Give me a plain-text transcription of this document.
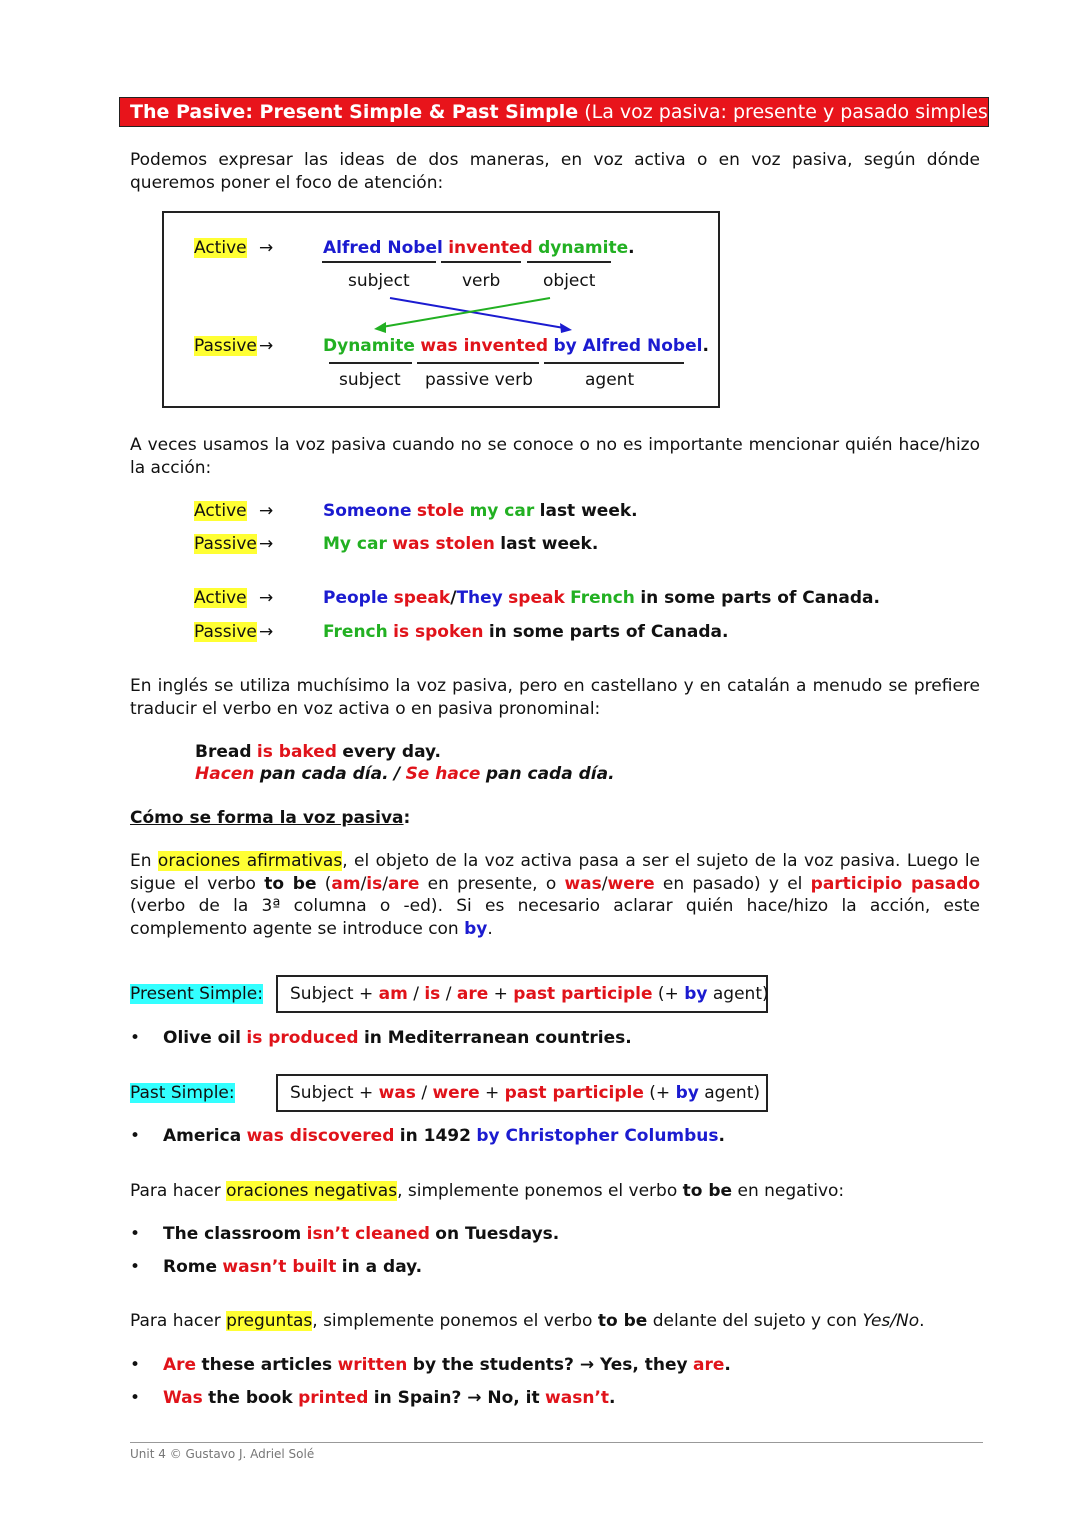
The Pasive: Present Simple & Past Simple (La voz pasiva: presente y pasado simples)
Podemos expresar las ideas de dos maneras, en voz activa o en voz pasiva, según dónde queremos poner el foco de atención:
Active →	Alfred Nobel invented dynamite.
subject	verb	object
Passive →	Dynamite was invented by Alfred Nobel.
subject passive verb	agent
A veces usamos la voz pasiva cuando no se conoce o no es importante mencionar quién hace/hizo la acción:
Active →	Someone stole my car last week.
Passive →	My car was stolen last week.
Active →	People speak/They speak French in some parts of Canada.
Passive →	French is spoken in some parts of Canada.
En inglés se utiliza muchísimo la voz pasiva, pero en castellano y en catalán a menudo se prefiere traducir el verbo en voz activa o en pasiva pronominal:
Bread is baked every day.
Hacen pan cada día. / Se hace pan cada día.
Cómo se forma la voz pasiva:
En oraciones afirmativas, el objeto de la voz activa pasa a ser el sujeto de la voz pasiva. Luego le sigue el verbo to be (am/is/are en presente, o was/were en pasado) y el participio pasado (verbo de la 3ª columna o -ed). Si es necesario aclarar quién hace/hizo la acción, este complemento agente se introduce con by.
Present Simple:	Subject + am / is / are + past participle (+ by agent)
• Olive oil is produced in Mediterranean countries.
Past Simple:	Subject + was / were + past participle (+ by agent)
• America was discovered in 1492 by Christopher Columbus.
Para hacer oraciones negativas, simplemente ponemos el verbo to be en negativo:
• The classroom isn’t cleaned on Tuesdays.
• Rome wasn’t built in a day.
Para hacer preguntas, simplemente ponemos el verbo to be delante del sujeto y con Yes/No.
• Are these articles written by the students? → Yes, they are.
• Was the book printed in Spain? → No, it wasn’t.
Unit 4 © Gustavo J. Adriel Solé
